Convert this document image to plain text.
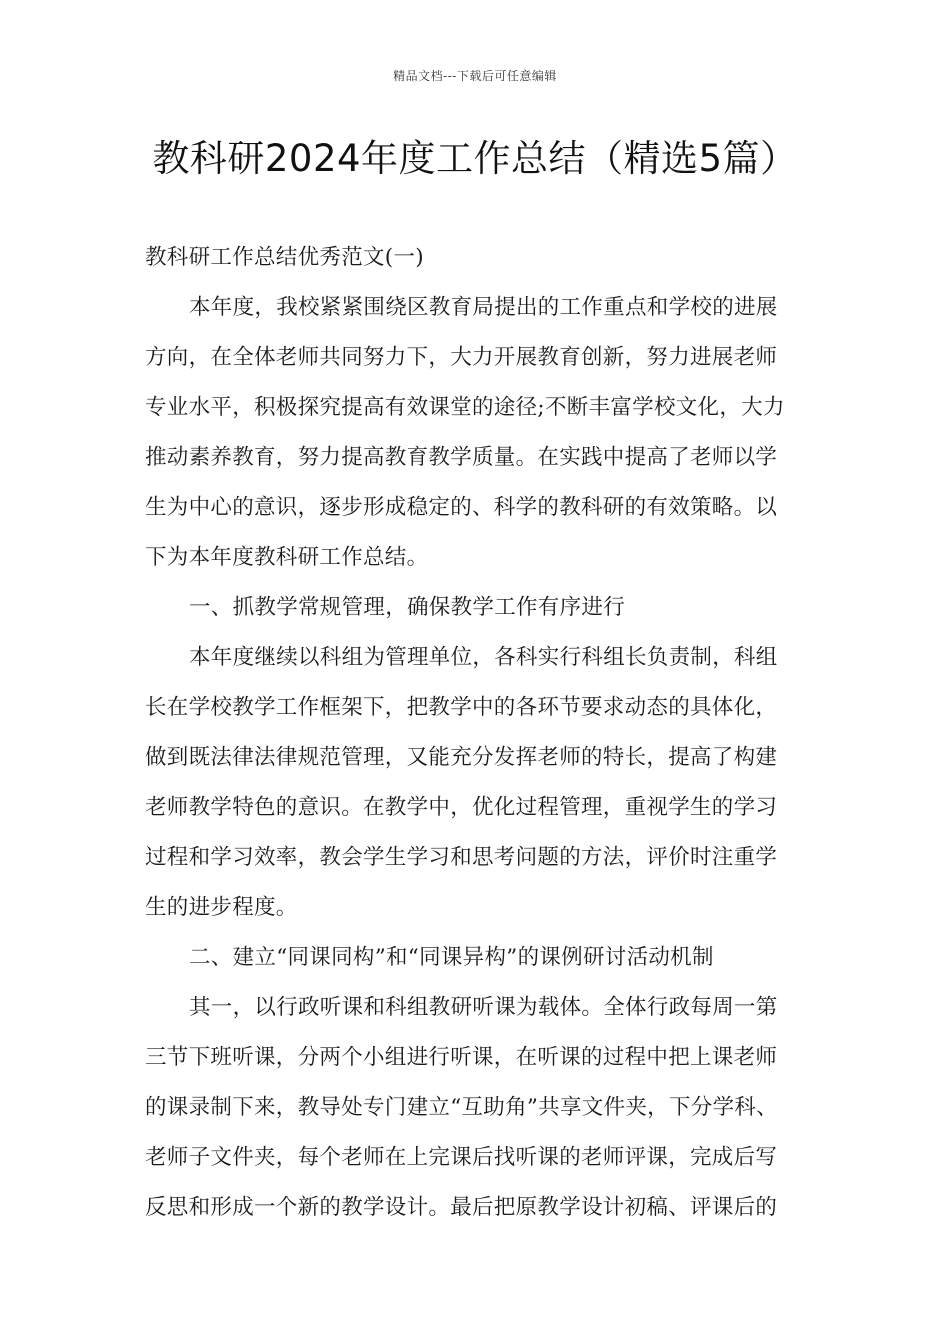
精品文档---下载后可任意编辑
教科研2024年度工作总结（精选5篇）
教科研工作总结优秀范文(一)
本年度，我校紧紧围绕区教育局提出的工作重点和学校的进展
方向，在全体老师共同努力下，大力开展教育创新，努力进展老师
专业水平，积极探究提高有效课堂的途径;不断丰富学校文化，大力
推动素养教育，努力提高教育教学质量。在实践中提高了老师以学
生为中心的意识，逐步形成稳定的、科学的教科研的有效策略。以
下为本年度教科研工作总结。
一、抓教学常规管理，确保教学工作有序进行
本年度继续以科组为管理单位，各科实行科组长负责制，科组
长在学校教学工作框架下，把教学中的各环节要求动态的具体化，
做到既法律法律规范管理，又能充分发挥老师的特长，提高了构建
老师教学特色的意识。在教学中，优化过程管理，重视学生的学习
过程和学习效率，教会学生学习和思考问题的方法，评价时注重学
生的进步程度。
二、建立“同课同构”和“同课异构”的课例研讨活动机制
其一，以行政听课和科组教研听课为载体。全体行政每周一第
三节下班听课，分两个小组进行听课，在听课的过程中把上课老师
的课录制下来，教导处专门建立“互助角”共享文件夹，下分学科、
老师子文件夹，每个老师在上完课后找听课的老师评课，完成后写
反思和形成一个新的教学设计。最后把原教学设计初稿、评课后的
